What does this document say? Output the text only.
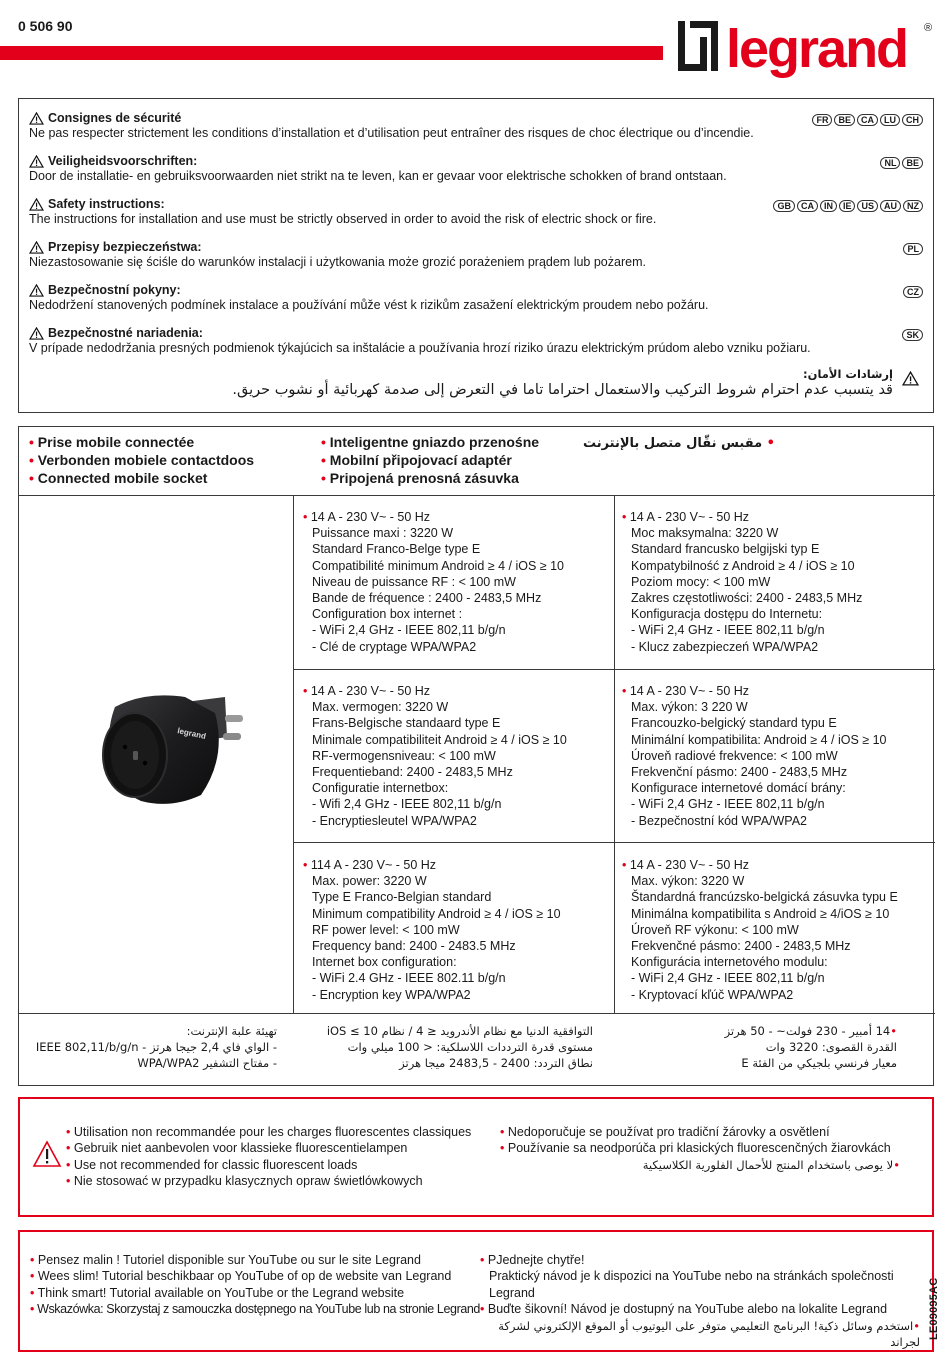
0 506 90	legrand ®
Consignes de sécurité
Ne pas respecter strictement les conditions d’installation et d’utilisation peut entraîner des risques de choc électrique ou d’incendie.
FR	BE	CA	LU	CH
Veiligheidsvoorschriften:
Door de installatie- en gebruiksvoorwaarden niet strikt na te leven, kan er gevaar voor elektrische schokken of brand ontstaan.
NL	BE
Safety instructions:
The instructions for installation and use must be strictly observed in order to avoid the risk of electric shock or fire.
GB	CA	IN	IE	US	AU	NZ
Przepisy bezpieczeństwa:
Niezastosowanie się ściśle do warunków instalacji i użytkowania może grozić porażeniem prądem lub pożarem.
PL
Bezpečnostní pokyny:
Nedodržení stanovených podmínek instalace a používání může vést k rizikům zasažení elektrickým proudem nebo požáru.
CZ
Bezpečnostné nariadenia:
V prípade nedodržania presných podmienok týkajúcich sa inštalácie a používania hrozí riziko úrazu elektrickým prúdom alebo vzniku požiaru.
SK
إرشادات الأمان:
قد يتسبب عدم احترام شروط التركيب والاستعمال احتراما تاما في التعرض إلى صدمة كهربائية أو نشوب حريق.
• Prise mobile connectée
• Verbonden mobiele contactdoos
• Connected mobile socket
• Inteligentne gniazdo przenośne
• Mobilní připojovací adaptér
• Pripojená prenosná zásuvka
• مقبس نقّال متصل بالإنترنت
legrand
• 14 A - 230 V~ - 50 Hz
Puissance maxi : 3220 W
Standard Franco-Belge type E
Compatibilité minimum Android ≥ 4 / iOS ≥ 10
Niveau de puissance RF : < 100 mW
Bande de fréquence : 2400 - 2483,5 MHz
Configuration box internet :
- WiFi 2,4 GHz - IEEE 802,11 b/g/n
- Clé de cryptage WPA/WPA2
• 14 A - 230 V~ - 50 Hz
Moc maksymalna: 3220 W
Standard francusko belgijski typ E
Kompatybilność z Android ≥ 4 / iOS ≥ 10
Poziom mocy: < 100 mW
Zakres częstotliwości: 2400 - 2483,5 MHz
Konfiguracja dostępu do Internetu:
- WiFi 2,4 GHz - IEEE 802,11 b/g/n
- Klucz zabezpieczeń WPA/WPA2
• 14 A - 230 V~ - 50 Hz
Max. vermogen: 3220 W
Frans-Belgische standaard type E
Minimale compatibiliteit Android ≥ 4 / iOS ≥ 10
RF-vermogensniveau: < 100 mW
Frequentieband: 2400 - 2483,5 MHz
Configuratie internetbox:
- Wifi 2,4 GHz - IEEE 802,11 b/g/n
- Encryptiesleutel WPA/WPA2
• 14 A - 230 V~ - 50 Hz
Max. výkon: 3 220 W
Francouzko-belgický standard typu E
Minimální kompatibilita: Android ≥ 4 / iOS ≥ 10
Úroveň radiové frekvence: < 100 mW
Frekvenční pásmo: 2400 - 2483,5 MHz
Konfigurace internetové domácí brány:
- WiFi 2,4 GHz - IEEE 802,11 b/g/n
- Bezpečnostní kód WPA/WPA2
• 114 A - 230 V~ - 50 Hz
Max. power: 3220 W
Type E Franco-Belgian standard
Minimum compatibility Android ≥ 4 / iOS ≥ 10
RF power level: < 100 mW
Frequency band: 2400 - 2483.5 MHz
Internet box configuration:
- WiFi 2.4 GHz - IEEE 802.11 b/g/n
- Encryption key WPA/WPA2
• 14 A - 230 V~ - 50 Hz
Max. výkon: 3220 W
Štandardná francúzsko-belgická zásuvka typu E
Minimálna kompatibilita s Android ≥ 4/iOS ≥ 10
Úroveň RF výkonu: < 100 mW
Frekvenčné pásmo: 2400 - 2483,5 MHz
Konfigurácia internetového modulu:
- WiFi 2,4 GHz - IEEE 802,11 b/g/n
- Kryptovací kľúč WPA/WPA2
•14 أمبير - 230 فولت~ - 50 هرتز
القدرة القصوى: 3220 وات
معيار فرنسي بلجيكي من الفئة E
التوافقية الدنيا مع نظام الأندرويد ≤ 4 / نظام iOS ≤ 10
مستوى قدرة الترددات اللاسلكية: < 100 ميلي وات
نطاق التردد: 2400 - 2483,5 ميجا هرتز
تهيئة علبة الإنترنت:
- الواي فاي 2,4 جيجا هرتز - IEEE 802,11/b/g/n
- مفتاح التشفير WPA/WPA2
• Utilisation non recommandée pour les charges fluorescentes classiques
• Gebruik niet aanbevolen voor klassieke fluorescentielampen
• Use not recommended for classic fluorescent loads
• Nie stosować w przypadku klasycznych opraw świetlówkowych
• Nedoporučuje se používat pro tradiční žárovky a osvětlení
• Používanie sa neodporúča pri klasických fluorescenčných žiarovkách
•لا يوصى باستخدام المنتج للأحمال الفلورية الكلاسيكية
• Pensez malin ! Tutoriel disponible sur YouTube ou sur le site Legrand
• Wees slim! Tutorial beschikbaar op YouTube of op de website van Legrand
• Think smart! Tutorial available on YouTube or the Legrand website
• Wskazówka: Skorzystaj z samouczka dostępnego na YouTube lub na stronie Legrand
• PJednejte chytře!
Praktický návod je k dispozici na YouTube nebo na stránkách společnosti Legrand
• Buďte šikovní! Návod je dostupný na YouTube alebo na lokalite Legrand
•استخدم وسائل ذكية! البرنامج التعليمي متوفر على اليوتيوب أو الموقع الإلكتروني لشركة لجراند
LE09095AC
